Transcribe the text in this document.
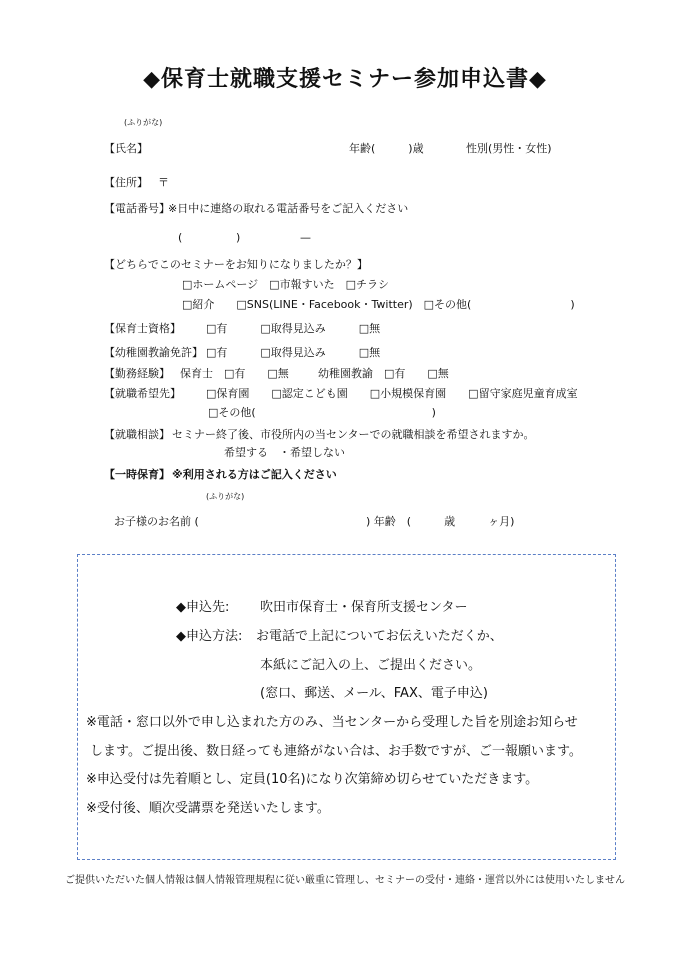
◆保育士就職支援セミナー参加申込書◆
(ふりがな)
【氏名】	年齢(　　　)歳	性別(男性・女性)
【住所】 〒
【電話番号】
※日中に連絡の取れる電話番号をご記入ください
(	)	—
【どちらでこのセミナーをお知りになりましたか？】
□ホームページ　□市報すいた　□チラシ
□紹介　　□SNS(LINE・Facebook・Twitter)　□その他(　　　　　　　　　)
【保育士資格】 □有　　　□取得見込み　　　□無
【幼稚園教諭免許】 □有　　　□取得見込み　　　□無
【勤務経験】 保育士　□有　　□無	幼稚園教諭　□有　　□無
【就職希望先】 □保育園　　□認定こども園　　□小規模保育園　　□留守家庭児童育成室
□その他(　　　　　　　　　　　　　　　　)
【就職相談】 セミナー終了後、市役所内の当センターでの就職相談を希望されますか。
希望する　・希望しない
【一時保育】 ※利用される方はご記入ください
(ふりがな)
お子様のお名前 (	) 年齢　(　　　歳　　　ヶ月)
◆申込先: 吹田市保育士・保育所支援センター
◆申込方法: お電話で上記についてお伝えいただくか、
本紙にご記入の上、ご提出ください。
(窓口、郵送、メール、FAX、電子申込)
※電話・窓口以外で申し込まれた方のみ、当センターから受理した旨を別途お知らせ
します。ご提出後、数日経っても連絡がない合は、お手数ですが、ご一報願います。
※申込受付は先着順とし、定員(10名)になり次第締め切らせていただきます。
※受付後、順次受講票を発送いたします。
ご提供いただいた個人情報は個人情報管理規程に従い厳重に管理し、セミナーの受付・連絡・運営以外には使用いたしません
